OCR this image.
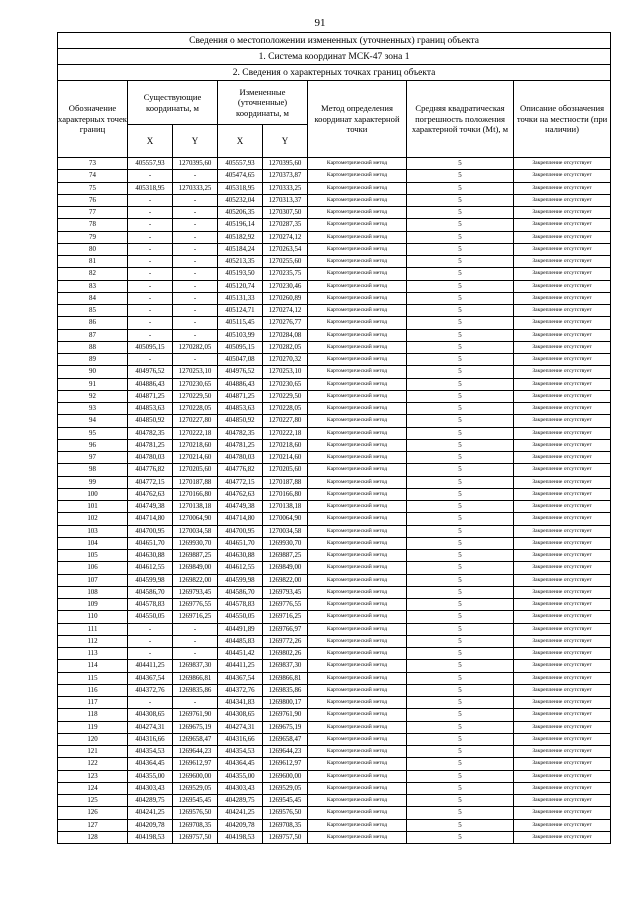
91
Сведения о местоположении измененных (уточненных) границ объекта							
1. Система координат МСК-47 зона 1							
2. Сведения о характерных точках границ объекта							
Обозначение характерных точек границ	Существующие координаты, м		Измененные (уточненные) координаты, м		Метод определения координат характерной точки	Средняя квадратическая погрешность положения характерной точки (Mt), м	Описание обозначения точки на местности (при наличии)
	X	Y	X	Y			
73	405557,93	1270395,60	405557,93	1270395,60	Картометрический метод	5	Закрепление отсутствует
74	-	-	405474,65	1270373,87	Картометрический метод	5	Закрепление отсутствует
75	405318,95	1270333,25	405318,95	1270333,25	Картометрический метод	5	Закрепление отсутствует
76	-	-	405232,04	1270313,37	Картометрический метод	5	Закрепление отсутствует
77	-	-	405206,35	1270307,50	Картометрический метод	5	Закрепление отсутствует
78	-	-	405196,14	1270287,35	Картометрический метод	5	Закрепление отсутствует
79	-	-	405182,92	1270274,12	Картометрический метод	5	Закрепление отсутствует
80	-	-	405184,24	1270263,54	Картометрический метод	5	Закрепление отсутствует
81	-	-	405213,35	1270255,60	Картометрический метод	5	Закрепление отсутствует
82	-	-	405193,50	1270235,75	Картометрический метод	5	Закрепление отсутствует
83	-	-	405120,74	1270230,46	Картометрический метод	5	Закрепление отсутствует
84	-	-	405131,33	1270260,89	Картометрический метод	5	Закрепление отсутствует
85	-	-	405124,71	1270274,12	Картометрический метод	5	Закрепление отсутствует
86	-	-	405115,45	1270276,77	Картометрический метод	5	Закрепление отсутствует
87	-	-	405103,99	1270284,08	Картометрический метод	5	Закрепление отсутствует
88	405095,15	1270282,05	405095,15	1270282,05	Картометрический метод	5	Закрепление отсутствует
89	-	-	405047,08	1270270,32	Картометрический метод	5	Закрепление отсутствует
90	404976,52	1270253,10	404976,52	1270253,10	Картометрический метод	5	Закрепление отсутствует
91	404886,43	1270230,65	404886,43	1270230,65	Картометрический метод	5	Закрепление отсутствует
92	404871,25	1270229,50	404871,25	1270229,50	Картометрический метод	5	Закрепление отсутствует
93	404853,63	1270228,05	404853,63	1270228,05	Картометрический метод	5	Закрепление отсутствует
94	404850,92	1270227,80	404850,92	1270227,80	Картометрический метод	5	Закрепление отсутствует
95	404782,35	1270222,18	404782,35	1270222,18	Картометрический метод	5	Закрепление отсутствует
96	404781,25	1270218,60	404781,25	1270218,60	Картометрический метод	5	Закрепление отсутствует
97	404780,03	1270214,60	404780,03	1270214,60	Картометрический метод	5	Закрепление отсутствует
98	404776,82	1270205,60	404776,82	1270205,60	Картометрический метод	5	Закрепление отсутствует
99	404772,15	1270187,88	404772,15	1270187,88	Картометрический метод	5	Закрепление отсутствует
100	404762,63	1270166,80	404762,63	1270166,80	Картометрический метод	5	Закрепление отсутствует
101	404749,38	1270138,18	404749,38	1270138,18	Картометрический метод	5	Закрепление отсутствует
102	404714,80	1270064,90	404714,80	1270064,90	Картометрический метод	5	Закрепление отсутствует
103	404700,95	1270034,58	404700,95	1270034,58	Картометрический метод	5	Закрепление отсутствует
104	404651,70	1269930,70	404651,70	1269930,70	Картометрический метод	5	Закрепление отсутствует
105	404630,88	1269887,25	404630,88	1269887,25	Картометрический метод	5	Закрепление отсутствует
106	404612,55	1269849,00	404612,55	1269849,00	Картометрический метод	5	Закрепление отсутствует
107	404599,98	1269822,00	404599,98	1269822,00	Картометрический метод	5	Закрепление отсутствует
108	404586,70	1269793,45	404586,70	1269793,45	Картометрический метод	5	Закрепление отсутствует
109	404578,83	1269776,55	404578,83	1269776,55	Картометрический метод	5	Закрепление отсутствует
110	404550,05	1269716,25	404550,05	1269716,25	Картометрический метод	5	Закрепление отсутствует
111	-	-	404491,89	1269766,97	Картометрический метод	5	Закрепление отсутствует
112	-	-	404485,83	1269772,26	Картометрический метод	5	Закрепление отсутствует
113	-	-	404451,42	1269802,26	Картометрический метод	5	Закрепление отсутствует
114	404411,25	1269837,30	404411,25	1269837,30	Картометрический метод	5	Закрепление отсутствует
115	404367,54	1269866,81	404367,54	1269866,81	Картометрический метод	5	Закрепление отсутствует
116	404372,76	1269835,86	404372,76	1269835,86	Картометрический метод	5	Закрепление отсутствует
117	-	-	404341,83	1269800,17	Картометрический метод	5	Закрепление отсутствует
118	404308,65	1269761,90	404308,65	1269761,90	Картометрический метод	5	Закрепление отсутствует
119	404274,31	1269675,19	404274,31	1269675,19	Картометрический метод	5	Закрепление отсутствует
120	404316,66	1269658,47	404316,66	1269658,47	Картометрический метод	5	Закрепление отсутствует
121	404354,53	1269644,23	404354,53	1269644,23	Картометрический метод	5	Закрепление отсутствует
122	404364,45	1269612,97	404364,45	1269612,97	Картометрический метод	5	Закрепление отсутствует
123	404355,00	1269600,00	404355,00	1269600,00	Картометрический метод	5	Закрепление отсутствует
124	404303,43	1269529,05	404303,43	1269529,05	Картометрический метод	5	Закрепление отсутствует
125	404289,75	1269545,45	404289,75	1269545,45	Картометрический метод	5	Закрепление отсутствует
126	404241,25	1269576,50	404241,25	1269576,50	Картометрический метод	5	Закрепление отсутствует
127	404209,78	1269708,35	404209,78	1269708,35	Картометрический метод	5	Закрепление отсутствует
128	404198,53	1269757,50	404198,53	1269757,50	Картометрический метод	5	Закрепление отсутствует
